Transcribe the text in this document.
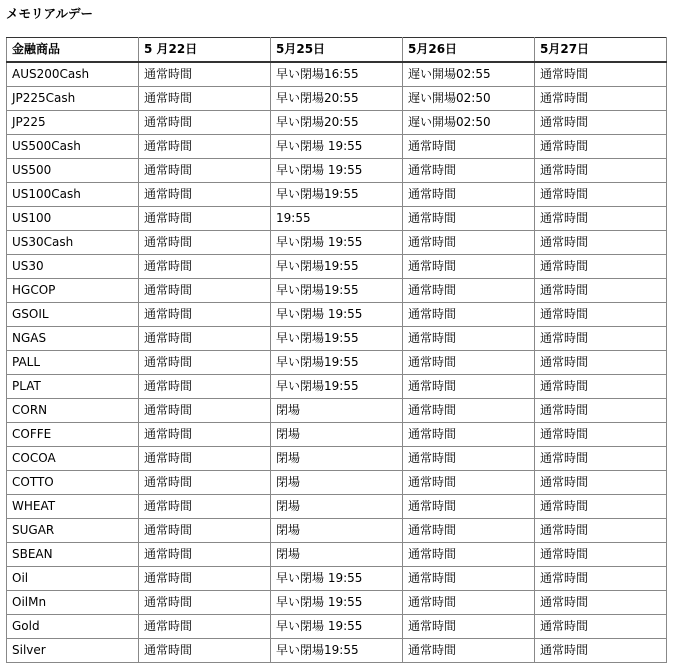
メモリアルデー
金融商品	5 月22日	5月25日	5月26日	5月27日
AUS200Cash	通常時間	早い閉場16:55	遅い開場02:55	通常時間
JP225Cash	通常時間	早い閉場20:55	遅い開場02:50	通常時間
JP225	通常時間	早い閉場20:55	遅い開場02:50	通常時間
US500Cash	通常時間	早い閉場 19:55	通常時間	通常時間
US500	通常時間	早い閉場 19:55	通常時間	通常時間
US100Cash	通常時間	早い閉場19:55	通常時間	通常時間
US100	通常時間	19:55	通常時間	通常時間
US30Cash	通常時間	早い閉場 19:55	通常時間	通常時間
US30	通常時間	早い閉場19:55	通常時間	通常時間
HGCOP	通常時間	早い閉場19:55	通常時間	通常時間
GSOIL	通常時間	早い閉場 19:55	通常時間	通常時間
NGAS	通常時間	早い閉場19:55	通常時間	通常時間
PALL	通常時間	早い閉場19:55	通常時間	通常時間
PLAT	通常時間	早い閉場19:55	通常時間	通常時間
CORN	通常時間	閉場	通常時間	通常時間
COFFE	通常時間	閉場	通常時間	通常時間
COCOA	通常時間	閉場	通常時間	通常時間
COTTO	通常時間	閉場	通常時間	通常時間
WHEAT	通常時間	閉場	通常時間	通常時間
SUGAR	通常時間	閉場	通常時間	通常時間
SBEAN	通常時間	閉場	通常時間	通常時間
Oil	通常時間	早い閉場 19:55	通常時間	通常時間
OilMn	通常時間	早い閉場 19:55	通常時間	通常時間
Gold	通常時間	早い閉場 19:55	通常時間	通常時間
Silver	通常時間	早い閉場19:55	通常時間	通常時間
